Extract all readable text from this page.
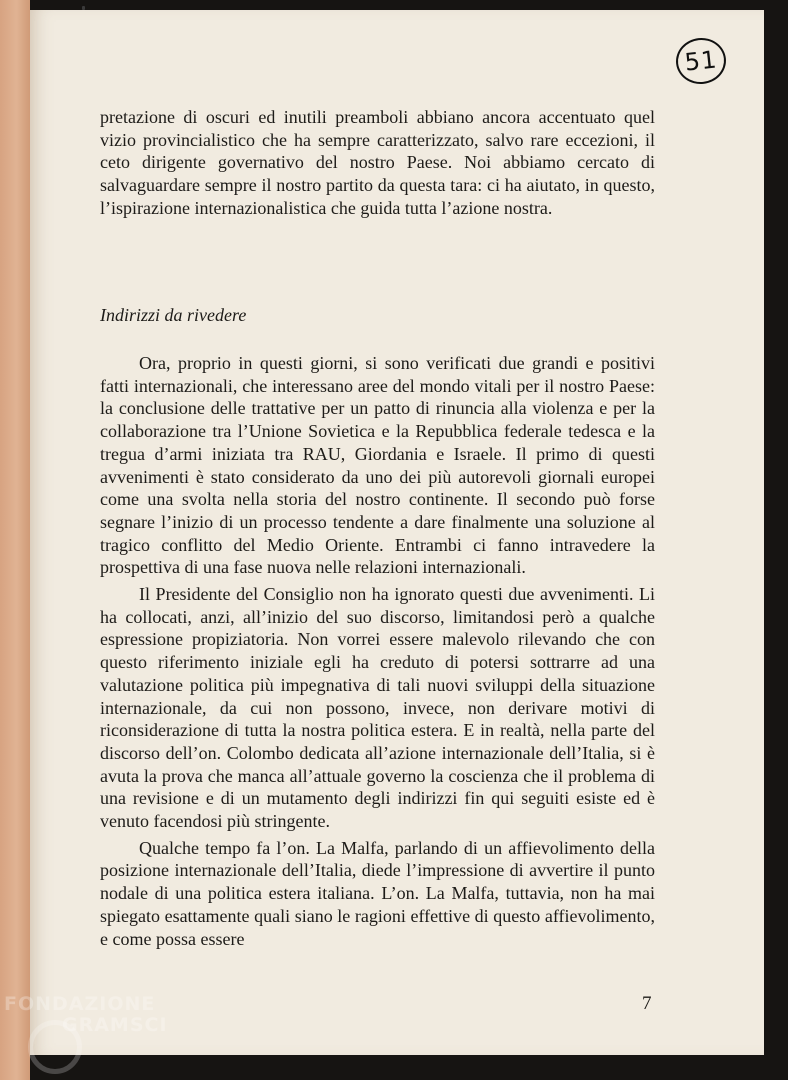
51

pretazione di oscuri ed inutili preamboli abbiano ancora accentuato quel vizio provincialistico che ha sempre caratterizzato, salvo rare eccezioni, il ceto dirigente governativo del nostro Paese. Noi abbiamo cercato di salvaguardare sempre il nostro partito da questa tara: ci ha aiutato, in questo, l’ispirazione internazionalistica che guida tutta l’azione nostra.

Indirizzi da rivedere

Ora, proprio in questi giorni, si sono verificati due grandi e positivi fatti internazionali, che interessano aree del mondo vitali per il nostro Paese: la conclusione delle trattative per un patto di rinuncia alla violenza e per la collaborazione tra l’Unione Sovietica e la Repubblica federale tedesca e la tregua d’armi iniziata tra RAU, Giordania e Israele. Il primo di questi avvenimenti è stato considerato da uno dei più autorevoli giornali europei come una svolta nella storia del nostro continente. Il secondo può forse segnare l’inizio di un processo tendente a dare finalmente una soluzione al tragico conflitto del Medio Oriente. Entrambi ci fanno intravedere la prospettiva di una fase nuova nelle relazioni internazionali.

Il Presidente del Consiglio non ha ignorato questi due avvenimenti. Li ha collocati, anzi, all’inizio del suo discorso, limitandosi però a qualche espressione propiziatoria. Non vorrei essere malevolo rilevando che con questo riferimento iniziale egli ha creduto di potersi sottrarre ad una valutazione politica più impegnativa di tali nuovi sviluppi della situazione internazionale, da cui non possono, invece, non derivare motivi di riconsiderazione di tutta la nostra politica estera. E in realtà, nella parte del discorso dell’on. Colombo dedicata all’azione internazionale dell’Italia, si è avuta la prova che manca all’attuale governo la coscienza che il problema di una revisione e di un mutamento degli indirizzi fin qui seguiti esiste ed è venuto facendosi più stringente.

Qualche tempo fa l’on. La Malfa, parlando di un affievolimento della posizione internazionale dell’Italia, diede l’impressione di avvertire il punto nodale di una politica estera italiana. L’on. La Malfa, tuttavia, non ha mai spiegato esattamente quali siano le ragioni effettive di questo affievolimento, e come possa essere

7
FONDAZIONE
GRAMSCI
